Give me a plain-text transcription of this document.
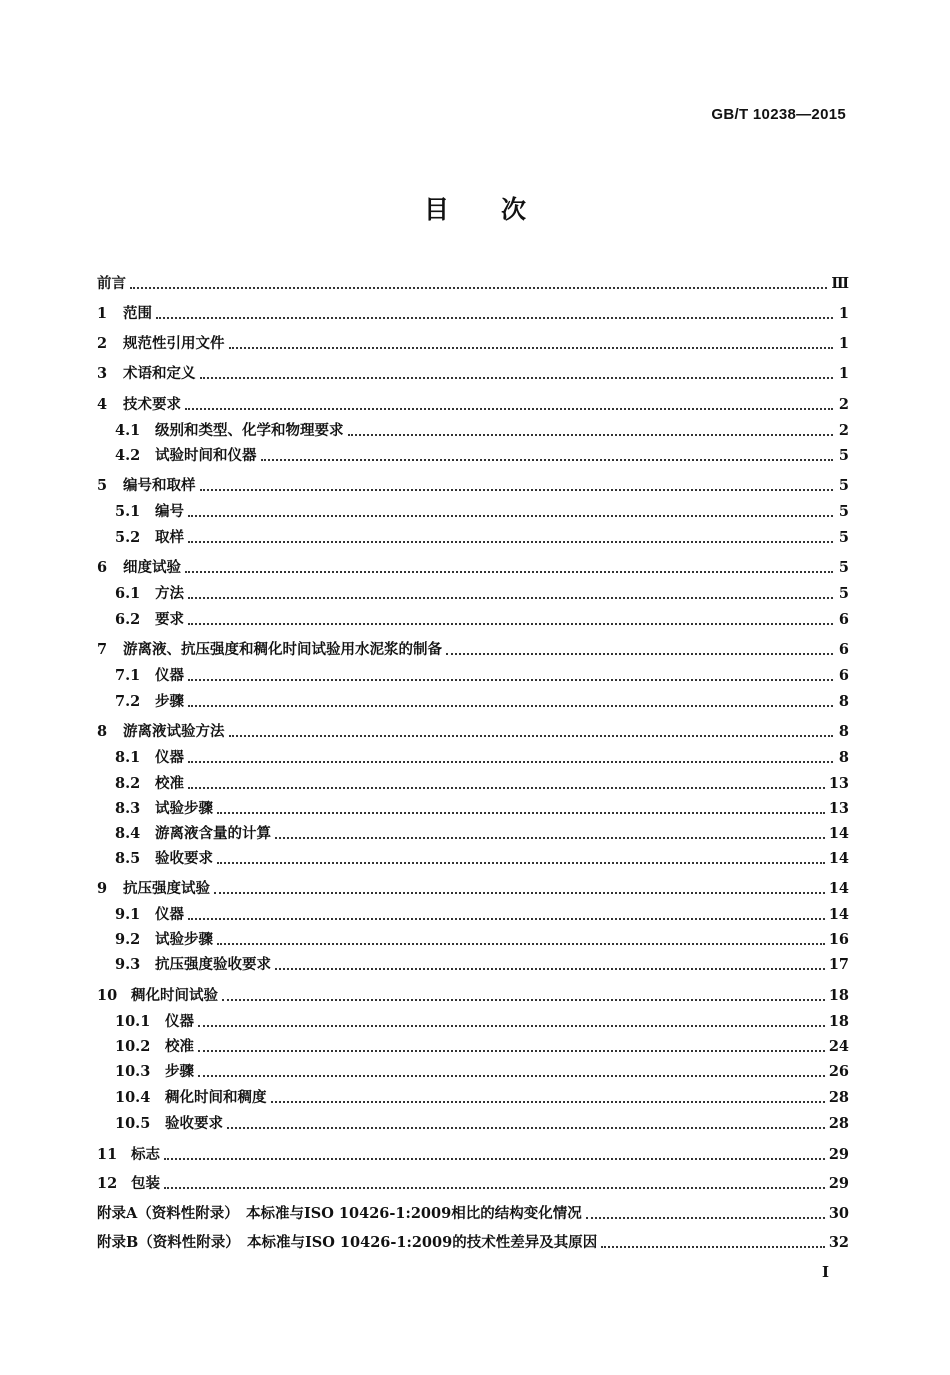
GB/T 10238—2015
目次
前言	Ⅲ
1	范围	1
2	规范性引用文件	1
3	术语和定义	1
4	技术要求	2
4.1	级别和类型、化学和物理要求	2
4.2	试验时间和仪器	5
5	编号和取样	5
5.1	编号	5
5.2	取样	5
6	细度试验	5
6.1	方法	5
6.2	要求	6
7	游离液、抗压强度和稠化时间试验用水泥浆的制备	6
7.1	仪器	6
7.2	步骤	8
8	游离液试验方法	8
8.1	仪器	8
8.2	校准	13
8.3	试验步骤	13
8.4	游离液含量的计算	14
8.5	验收要求	14
9	抗压强度试验	14
9.1	仪器	14
9.2	试验步骤	16
9.3	抗压强度验收要求	17
10 稠化时间试验	18
10.1	仪器	18
10.2	校准	24
10.3	步骤	26
10.4	稠化时间和稠度	28
10.5	验收要求	28
11 标志	29
12 包装	29
附录A（资料性附录）　本标准与ISO 10426-1:2009相比的结构变化情况	30
附录B（资料性附录）　本标准与ISO 10426-1:2009的技术性差异及其原因	32
I
